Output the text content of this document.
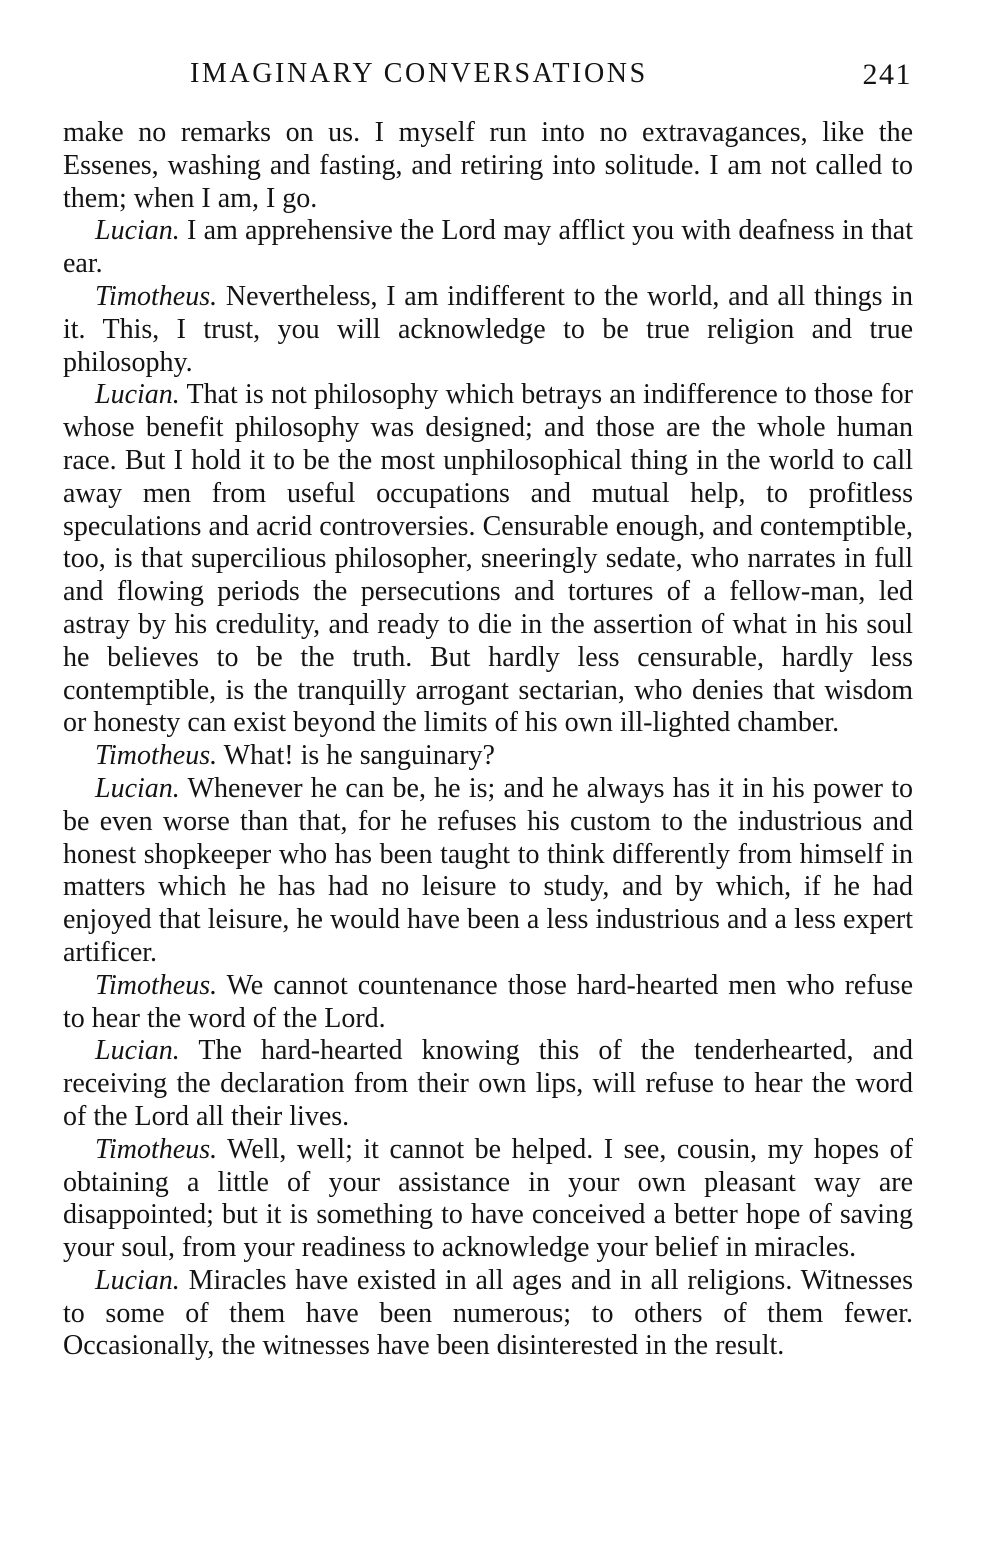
IMAGINARY CONVERSATIONS	241

make no remarks on us. I myself run into no extravagances, like the Essenes, washing and fasting, and retiring into solitude. I am not called to them; when I am, I go.

Lucian. I am apprehensive the Lord may afflict you with deafness in that ear.

Timotheus. Nevertheless, I am indifferent to the world, and all things in it. This, I trust, you will acknowledge to be true religion and true philosophy.

Lucian. That is not philosophy which betrays an indifference to those for whose benefit philosophy was designed; and those are the whole human race. But I hold it to be the most unphilosophical thing in the world to call away men from useful occupations and mutual help, to profitless speculations and acrid controversies. Censurable enough, and contemptible, too, is that supercilious philosopher, sneeringly sedate, who narrates in full and flowing periods the persecutions and tortures of a fellow-man, led astray by his credulity, and ready to die in the assertion of what in his soul he believes to be the truth. But hardly less censurable, hardly less contemptible, is the tranquilly arrogant sectarian, who denies that wisdom or honesty can exist beyond the limits of his own ill-lighted chamber.

Timotheus. What! is he sanguinary?

Lucian. Whenever he can be, he is; and he always has it in his power to be even worse than that, for he refuses his custom to the industrious and honest shopkeeper who has been taught to think differently from himself in matters which he has had no leisure to study, and by which, if he had enjoyed that leisure, he would have been a less industrious and a less expert artificer.

Timotheus. We cannot countenance those hard-hearted men who refuse to hear the word of the Lord.

Lucian. The hard-hearted knowing this of the tenderhearted, and receiving the declaration from their own lips, will refuse to hear the word of the Lord all their lives.

Timotheus. Well, well; it cannot be helped. I see, cousin, my hopes of obtaining a little of your assistance in your own pleasant way are disappointed; but it is something to have conceived a better hope of saving your soul, from your readiness to acknowledge your belief in miracles.

Lucian. Miracles have existed in all ages and in all religions. Witnesses to some of them have been numerous; to others of them fewer. Occasionally, the witnesses have been disinterested in the result.
